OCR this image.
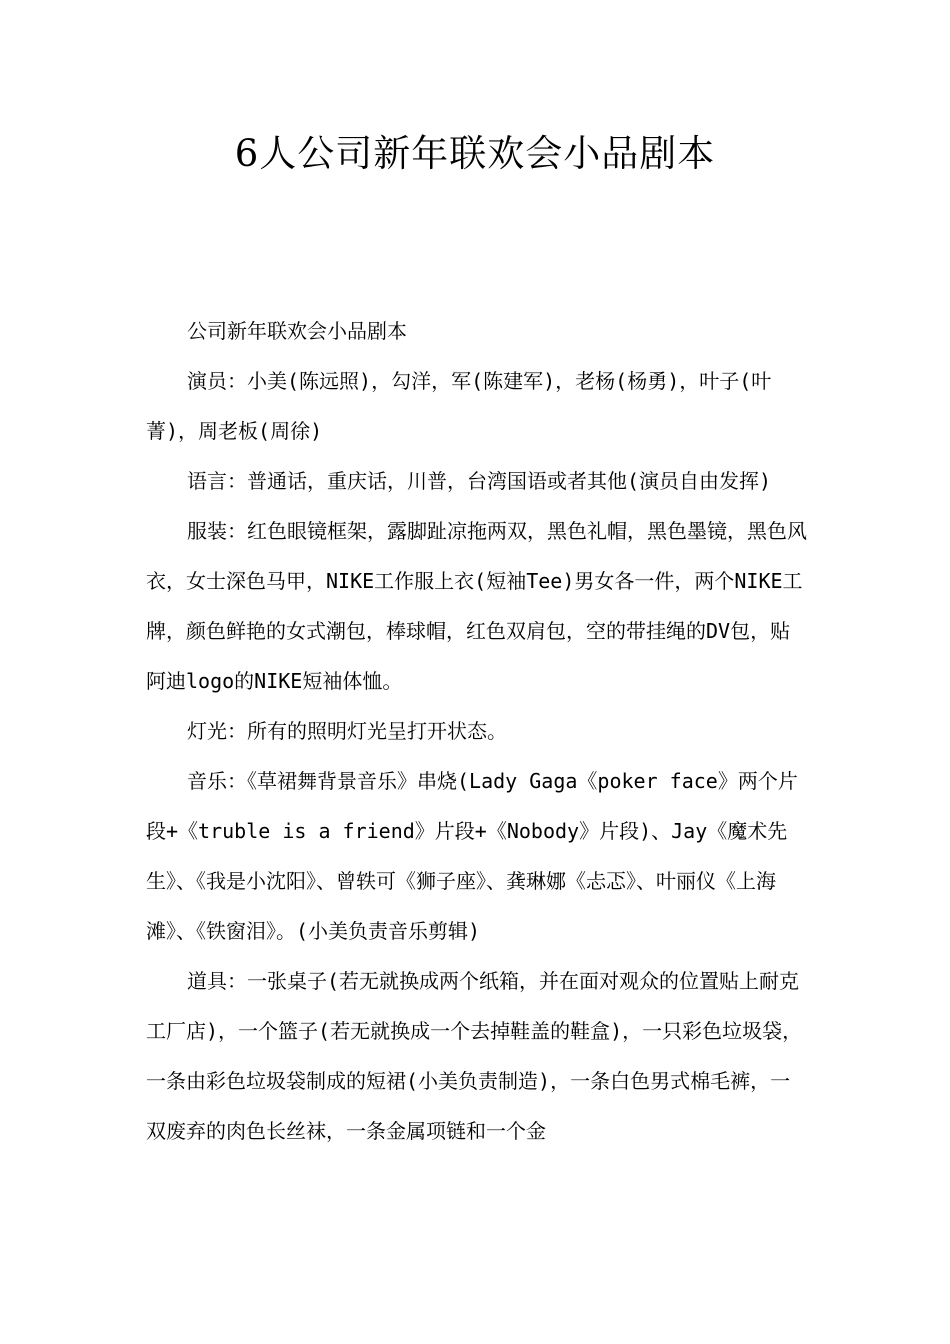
6人公司新年联欢会小品剧本

公司新年联欢会小品剧本

演员：小美(陈远照)，勾洋，军(陈建军)，老杨(杨勇)，叶子(叶菁)，周老板(周徐)

语言：普通话，重庆话，川普，台湾国语或者其他(演员自由发挥)

服装：红色眼镜框架，露脚趾凉拖两双，黑色礼帽，黑色墨镜，黑色风衣，女士深色马甲，NIKE工作服上衣(短袖Tee)男女各一件，两个NIKE工牌，颜色鲜艳的女式潮包，棒球帽，红色双肩包，空的带挂绳的DV包，贴阿迪logo的NIKE短袖体恤。

灯光：所有的照明灯光呈打开状态。

音乐：《草裙舞背景音乐》串烧(Lady Gaga《poker face》两个片段+《truble is a friend》片段+《Nobody》片段)、Jay《魔术先生》、《我是小沈阳》、曾轶可《狮子座》、龚琳娜《忐忑》、叶丽仪《上海滩》、《铁窗泪》。(小美负责音乐剪辑)

道具：一张桌子(若无就换成两个纸箱，并在面对观众的位置贴上耐克工厂店)，一个篮子(若无就换成一个去掉鞋盖的鞋盒)，一只彩色垃圾袋，一条由彩色垃圾袋制成的短裙(小美负责制造)，一条白色男式棉毛裤，一双废弃的肉色长丝袜，一条金属项链和一个金
